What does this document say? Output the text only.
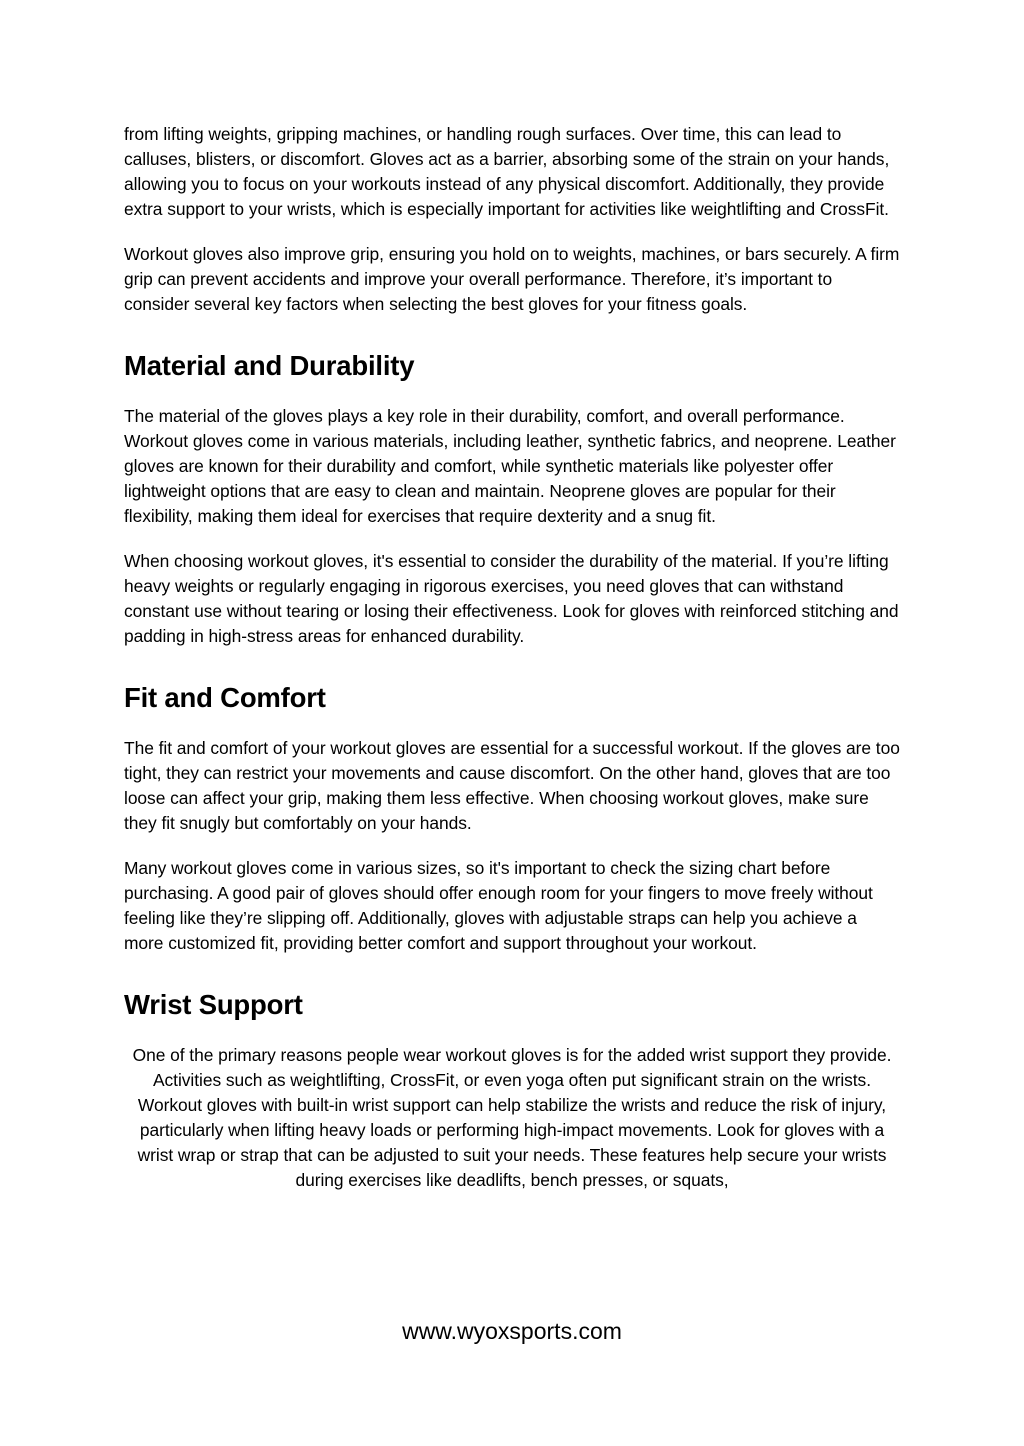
from lifting weights, gripping machines, or handling rough surfaces. Over time, this can lead to calluses, blisters, or discomfort. Gloves act as a barrier, absorbing some of the strain on your hands, allowing you to focus on your workouts instead of any physical discomfort. Additionally, they provide extra support to your wrists, which is especially important for activities like weightlifting and CrossFit.

Workout gloves also improve grip, ensuring you hold on to weights, machines, or bars securely. A firm grip can prevent accidents and improve your overall performance. Therefore, it’s important to consider several key factors when selecting the best gloves for your fitness goals.

Material and Durability

The material of the gloves plays a key role in their durability, comfort, and overall performance. Workout gloves come in various materials, including leather, synthetic fabrics, and neoprene. Leather gloves are known for their durability and comfort, while synthetic materials like polyester offer lightweight options that are easy to clean and maintain. Neoprene gloves are popular for their flexibility, making them ideal for exercises that require dexterity and a snug fit.

When choosing workout gloves, it's essential to consider the durability of the material. If you’re lifting heavy weights or regularly engaging in rigorous exercises, you need gloves that can withstand constant use without tearing or losing their effectiveness. Look for gloves with reinforced stitching and padding in high-stress areas for enhanced durability.

Fit and Comfort

The fit and comfort of your workout gloves are essential for a successful workout. If the gloves are too tight, they can restrict your movements and cause discomfort. On the other hand, gloves that are too loose can affect your grip, making them less effective. When choosing workout gloves, make sure they fit snugly but comfortably on your hands.

Many workout gloves come in various sizes, so it's important to check the sizing chart before purchasing. A good pair of gloves should offer enough room for your fingers to move freely without feeling like they’re slipping off. Additionally, gloves with adjustable straps can help you achieve a more customized fit, providing better comfort and support throughout your workout.

Wrist Support

One of the primary reasons people wear workout gloves is for the added wrist support they provide. Activities such as weightlifting, CrossFit, or even yoga often put significant strain on the wrists. Workout gloves with built-in wrist support can help stabilize the wrists and reduce the risk of injury, particularly when lifting heavy loads or performing high-impact movements. Look for gloves with a wrist wrap or strap that can be adjusted to suit your needs. These features help secure your wrists during exercises like deadlifts, bench presses, or squats,

www.wyoxsports.com
